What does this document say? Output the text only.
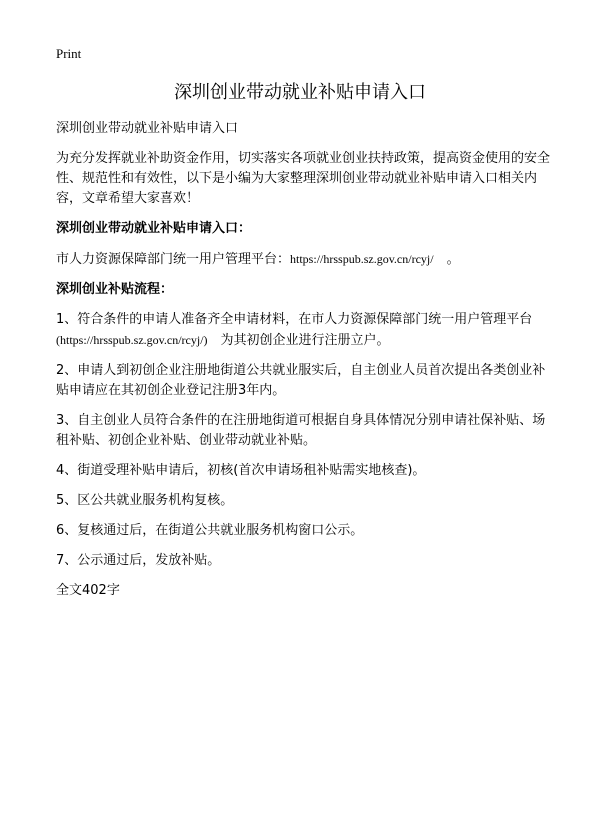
Print
深圳创业带动就业补贴申请入口

深圳创业带动就业补贴申请入口

为充分发挥就业补助资金作用，切实落实各项就业创业扶持政策，提高资金使用的安全性、规范性和有效性，以下是小编为大家整理深圳创业带动就业补贴申请入口相关内容，文章希望大家喜欢！

深圳创业带动就业补贴申请入口：

市人力资源保障部门统一用户管理平台：https://hrsspub.sz.gov.cn/rcyj/　。

深圳创业补贴流程：

1、符合条件的申请人准备齐全申请材料，在市人力资源保障部门统一用户管理平台(https://hrsspub.sz.gov.cn/rcyj/)　为其初创企业进行注册立户。

2、申请人到初创企业注册地街道公共就业服实后，自主创业人员首次提出各类创业补贴申请应在其初创企业登记注册3年内。

3、自主创业人员符合条件的在注册地街道可根据自身具体情况分别申请社保补贴、场租补贴、初创企业补贴、创业带动就业补贴。

4、街道受理补贴申请后，初核(首次申请场租补贴需实地核查)。

5、区公共就业服务机构复核。

6、复核通过后，在街道公共就业服务机构窗口公示。

7、公示通过后，发放补贴。

全文402字
